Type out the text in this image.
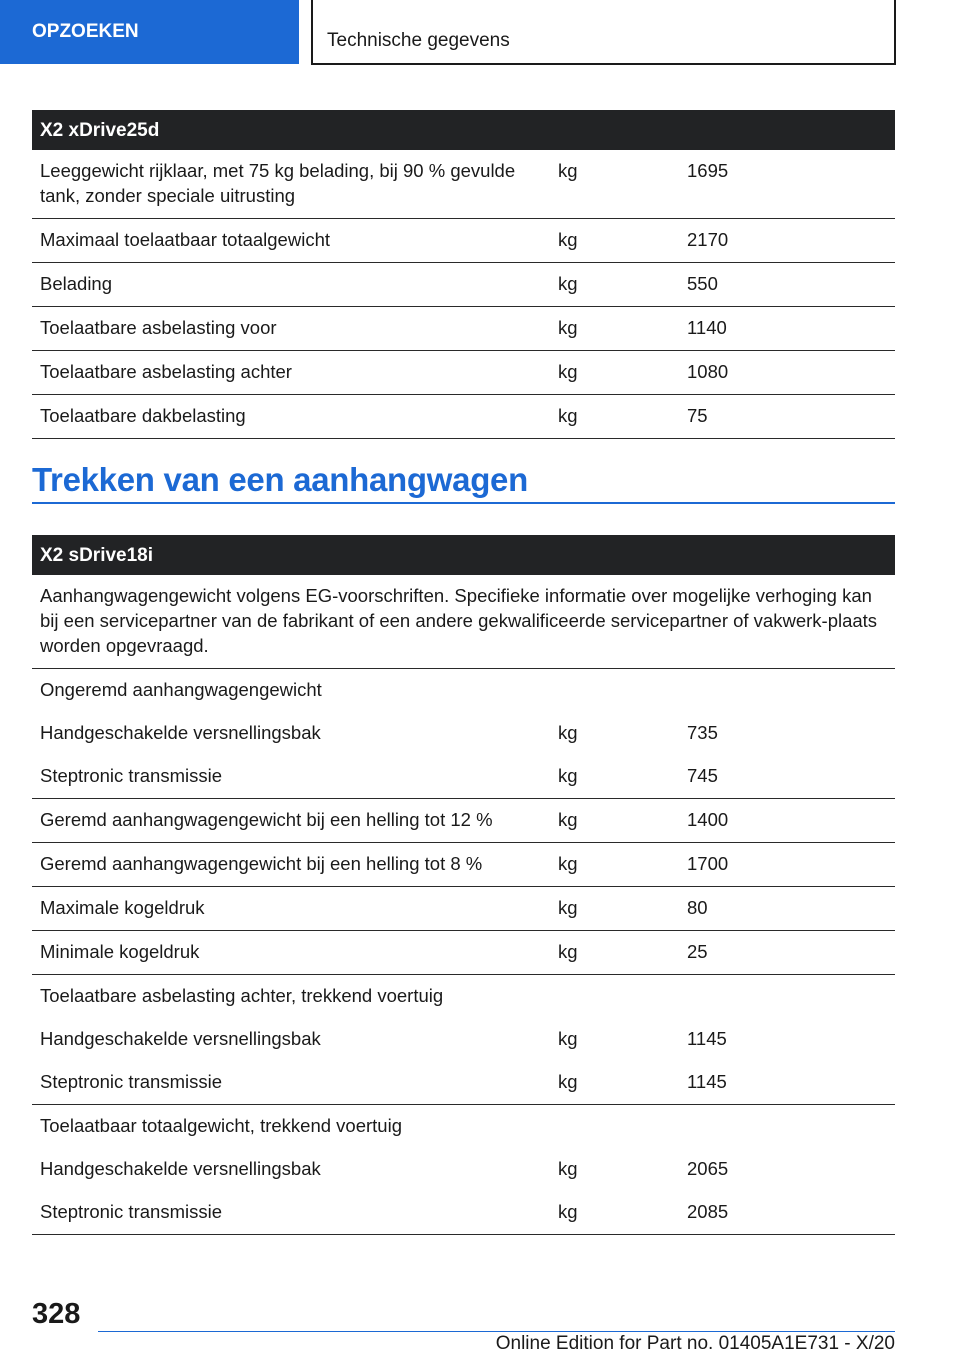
OPZOEKEN	Technische gegevens
X2 xDrive25d		
Leeggewicht rijklaar, met 75 kg belading, bij 90 % gevulde tank, zonder speciale uitrusting	kg	1695
Maximaal toelaatbaar totaalgewicht	kg	2170
Belading	kg	550
Toelaatbare asbelasting voor	kg	1140
Toelaatbare asbelasting achter	kg	1080
Toelaatbare dakbelasting	kg	75
Trekken van een aanhangwagen
X2 sDrive18i		
Aanhangwagengewicht volgens EG-voorschriften. Specifieke informatie over mogelijke verhoging kan bij een servicepartner van de fabrikant of een andere gekwalificeerde servicepartner of vakwerk-plaats worden opgevraagd.		
Ongeremd aanhangwagengewicht		
Handgeschakelde versnellingsbak	kg	735
Steptronic transmissie	kg	745
Geremd aanhangwagengewicht bij een helling tot 12 %	kg	1400
Geremd aanhangwagengewicht bij een helling tot 8 %	kg	1700
Maximale kogeldruk	kg	80
Minimale kogeldruk	kg	25
Toelaatbare asbelasting achter, trekkend voertuig		
Handgeschakelde versnellingsbak	kg	1145
Steptronic transmissie	kg	1145
Toelaatbaar totaalgewicht, trekkend voertuig		
Handgeschakelde versnellingsbak	kg	2065
Steptronic transmissie	kg	2085
328
Online Edition for Part no. 01405A1E731 - X/20
